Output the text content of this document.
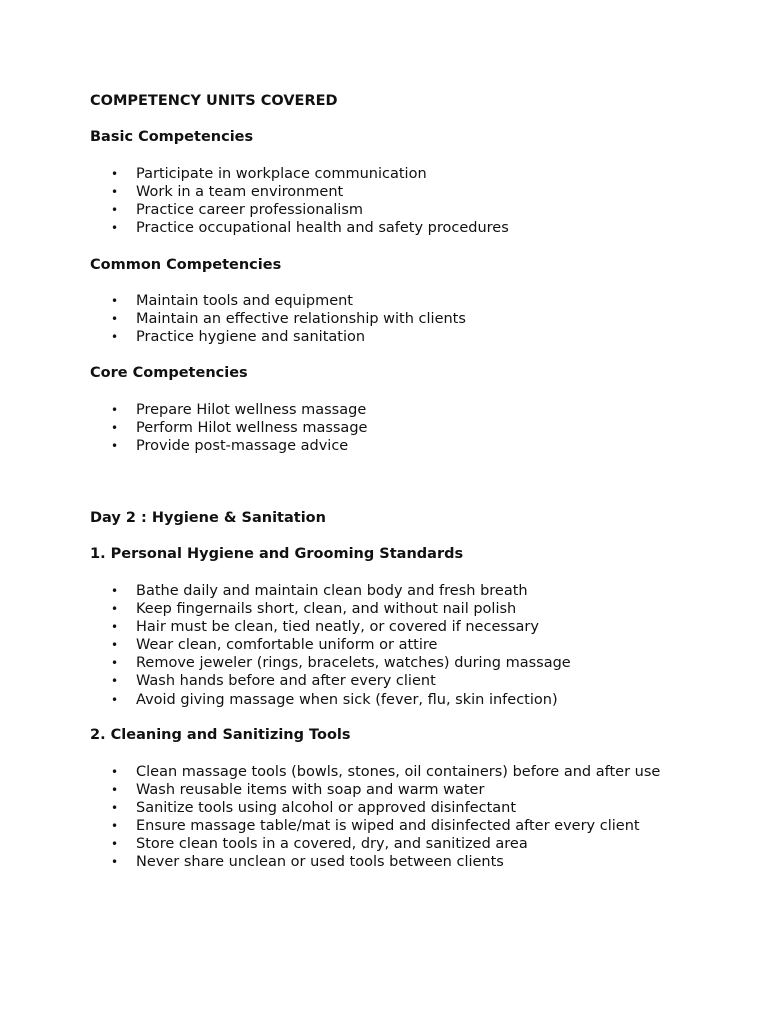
COMPETENCY UNITS COVERED
Basic Competencies
• Participate in workplace communication
• Work in a team environment
• Practice career professionalism
• Practice occupational health and safety procedures
Common Competencies
• Maintain tools and equipment
• Maintain an effective relationship with clients
• Practice hygiene and sanitation
Core Competencies
• Prepare Hilot wellness massage
• Perform Hilot wellness massage
• Provide post-massage advice
Day 2 : Hygiene & Sanitation
1. Personal Hygiene and Grooming Standards
• Bathe daily and maintain clean body and fresh breath
• Keep fingernails short, clean, and without nail polish
• Hair must be clean, tied neatly, or covered if necessary
• Wear clean, comfortable uniform or attire
• Remove jeweler (rings, bracelets, watches) during massage
• Wash hands before and after every client
• Avoid giving massage when sick (fever, flu, skin infection)
2. Cleaning and Sanitizing Tools
• Clean massage tools (bowls, stones, oil containers) before and after use
• Wash reusable items with soap and warm water
• Sanitize tools using alcohol or approved disinfectant
• Ensure massage table/mat is wiped and disinfected after every client
• Store clean tools in a covered, dry, and sanitized area
• Never share unclean or used tools between clients
